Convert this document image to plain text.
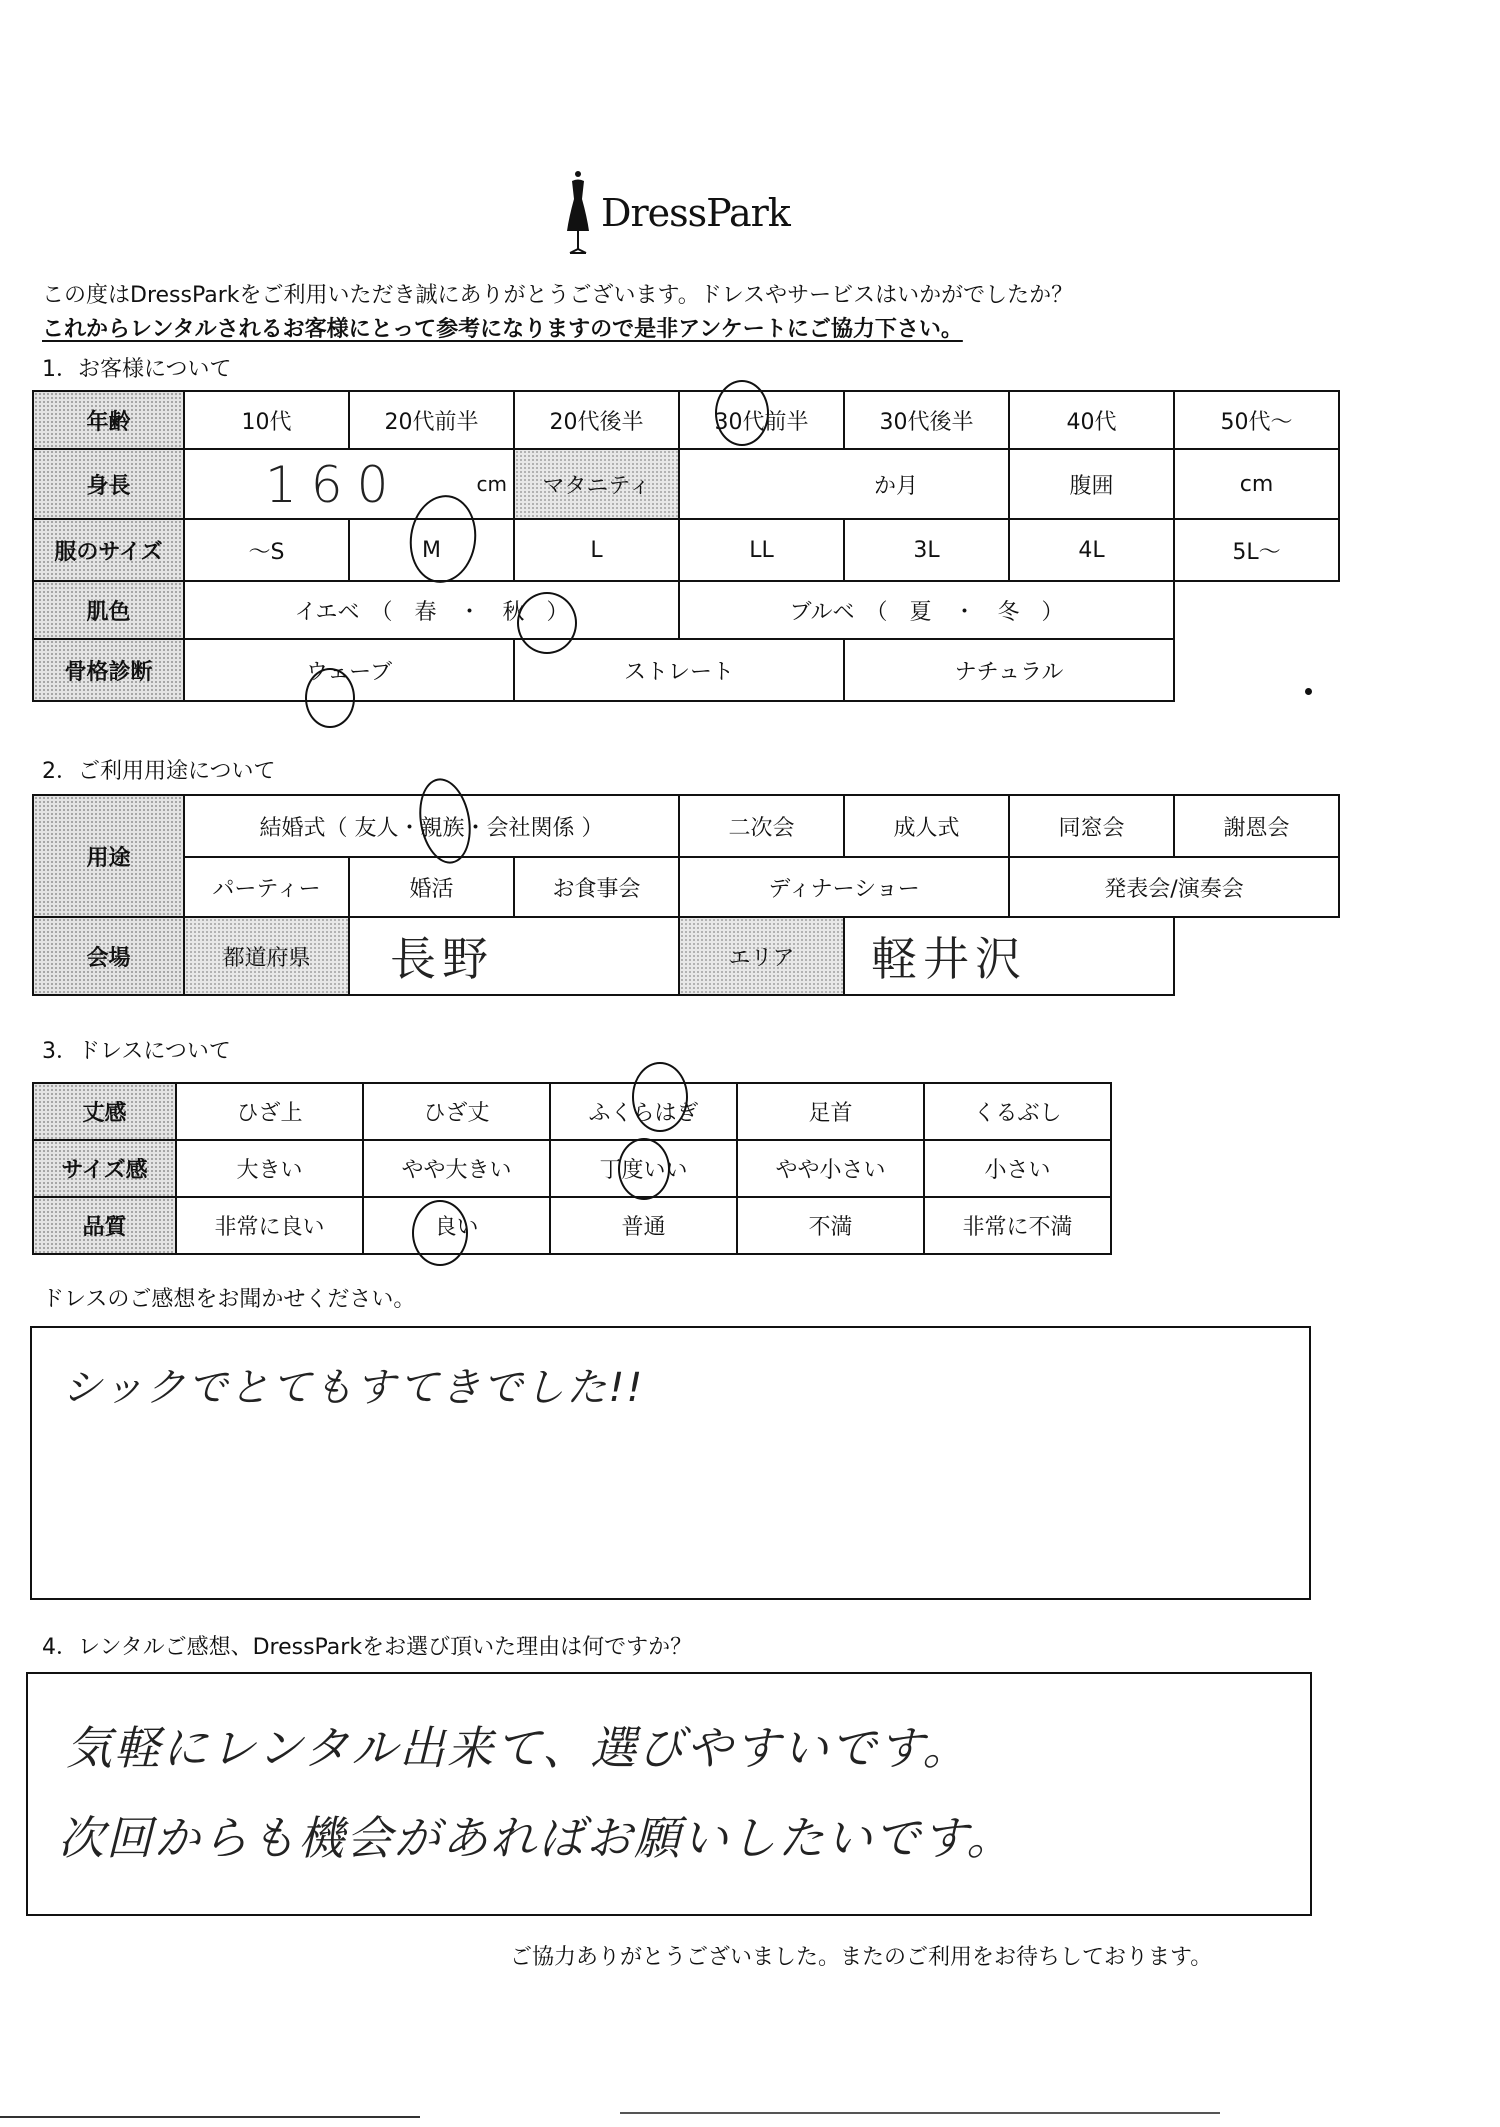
DressPark
この度はDressParkをご利用いただき誠にありがとうございます。ドレスやサービスはいかがでしたか？
これからレンタルされるお客様にとって参考になりますので是非アンケートにご協力下さい。
1．お客様について
年齢	10代	20代前半	20代後半	30代前半	30代後半	40代	50代～
身長	160 cm		マタニティ	か月		腹囲	cm
服のサイズ	～S	M	L	LL	3L	4L	5L～
肌色	イエベ　（　春　・　秋　）			ブルベ　（　夏　・　冬　）			
骨格診断	ウェーブ		ストレート		ナチュラル		
2．ご利用用途について
用途	結婚式（ 友人・親族・会社関係 ）			二次会	成人式	同窓会	謝恩会
	パーティー	婚活	お食事会	ディナーショー		発表会/演奏会	
会場	都道府県	長野		エリア	軽井沢		
3．ドレスについて
丈感	ひざ上	ひざ丈	ふくらはぎ	足首	くるぶし
サイズ感	大きい	やや大きい	丁度いい	やや小さい	小さい
品質	非常に良い	良い	普通	不満	非常に不満
ドレスのご感想をお聞かせください。
シックでとてもすてきでした!!
4．レンタルご感想、DressParkをお選び頂いた理由は何ですか？
気軽にレンタル出来て、選びやすいです。
次回からも機会があればお願いしたいです。
ご協力ありがとうございました。またのご利用をお待ちしております。
